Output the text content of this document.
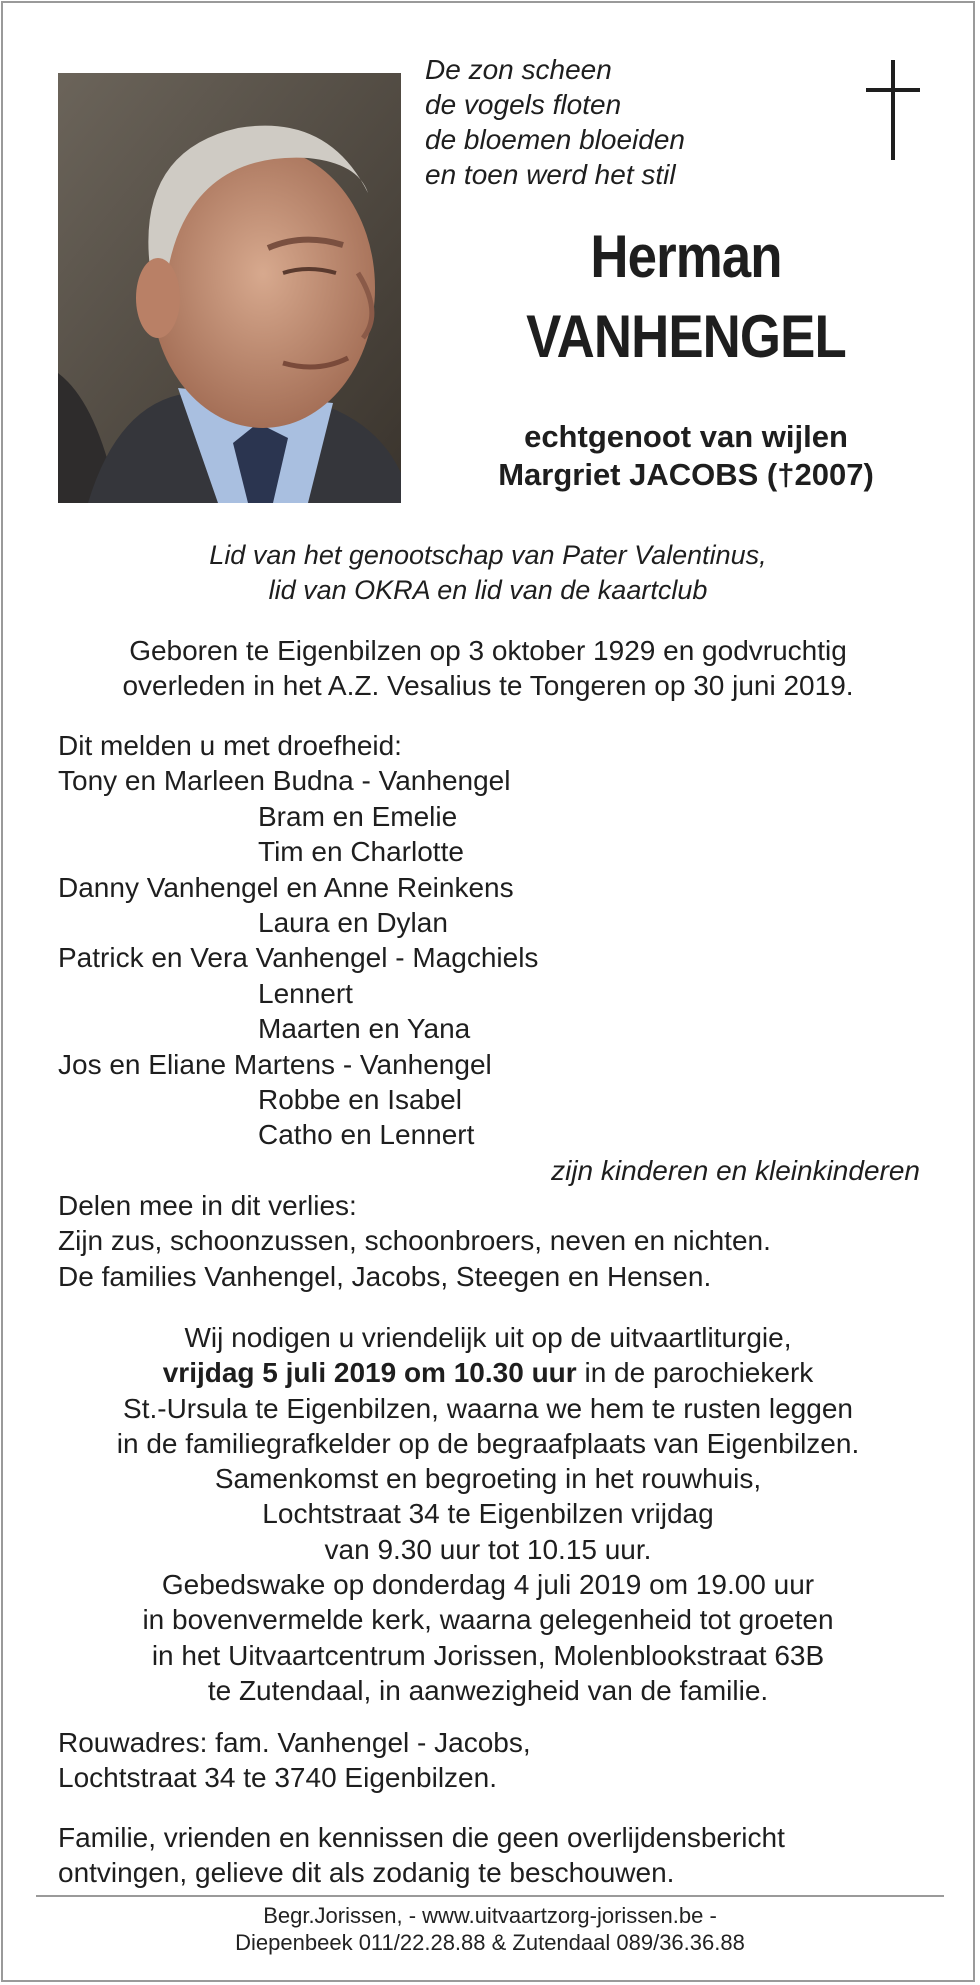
De zon scheen
de vogels floten
de bloemen bloeiden
en toen werd het stil
Herman
VANHENGEL
echtgenoot van wijlen
Margriet JACOBS (†2007)
Lid van het genootschap van Pater Valentinus,
lid van OKRA en lid van de kaartclub
Geboren te Eigenbilzen op 3 oktober 1929 en godvruchtig
overleden in het A.Z. Vesalius te Tongeren op 30 juni 2019.
Dit melden u met droefheid:
Tony en Marleen Budna - Vanhengel
Bram en Emelie
Tim en Charlotte
Danny Vanhengel en Anne Reinkens
Laura en Dylan
Patrick en Vera Vanhengel - Magchiels
Lennert
Maarten en Yana
Jos en Eliane Martens - Vanhengel
Robbe en Isabel
Catho en Lennert
zijn kinderen en kleinkinderen
Delen mee in dit verlies:
Zijn zus, schoonzussen, schoonbroers, neven en nichten.
De families Vanhengel, Jacobs, Steegen en Hensen.
Wij nodigen u vriendelijk uit op de uitvaartliturgie,
vrijdag 5 juli 2019 om 10.30 uur in de parochiekerk
St.-Ursula te Eigenbilzen, waarna we hem te rusten leggen
in de familiegrafkelder op de begraafplaats van Eigenbilzen.
Samenkomst en begroeting in het rouwhuis,
Lochtstraat 34 te Eigenbilzen vrijdag
van 9.30 uur tot 10.15 uur.
Gebedswake op donderdag 4 juli 2019 om 19.00 uur
in bovenvermelde kerk, waarna gelegenheid tot groeten
in het Uitvaartcentrum Jorissen, Molenblookstraat 63B
te Zutendaal, in aanwezigheid van de familie.
Rouwadres: fam. Vanhengel - Jacobs,
Lochtstraat 34 te 3740 Eigenbilzen.
Familie, vrienden en kennissen die geen overlijdensbericht
ontvingen, gelieve dit als zodanig te beschouwen.
Begr.Jorissen, - www.uitvaartzorg-jorissen.be -
Diepenbeek 011/22.28.88 & Zutendaal 089/36.36.88
